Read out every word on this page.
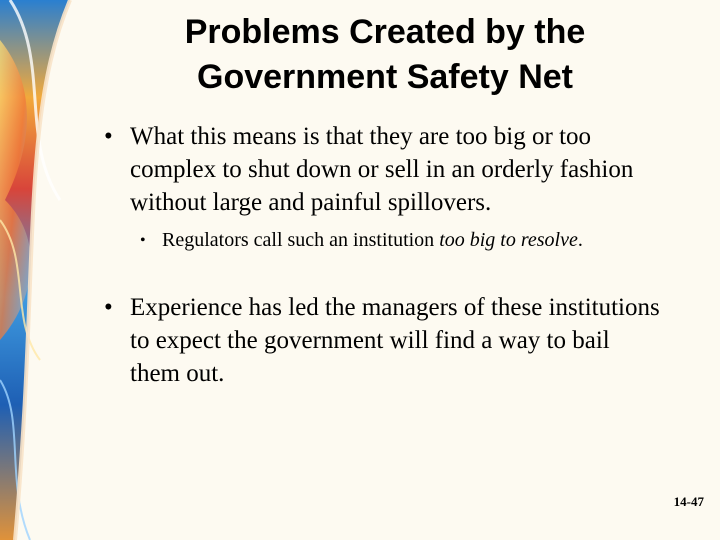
Problems Created by the
Government Safety Net
• What this means is that they are too big or too complex to shut down or sell in an orderly fashion without large and painful spillovers.
• Regulators call such an institution too big to resolve.
• Experience has led the managers of these institutions to expect the government will find a way to bail them out.
14-47
